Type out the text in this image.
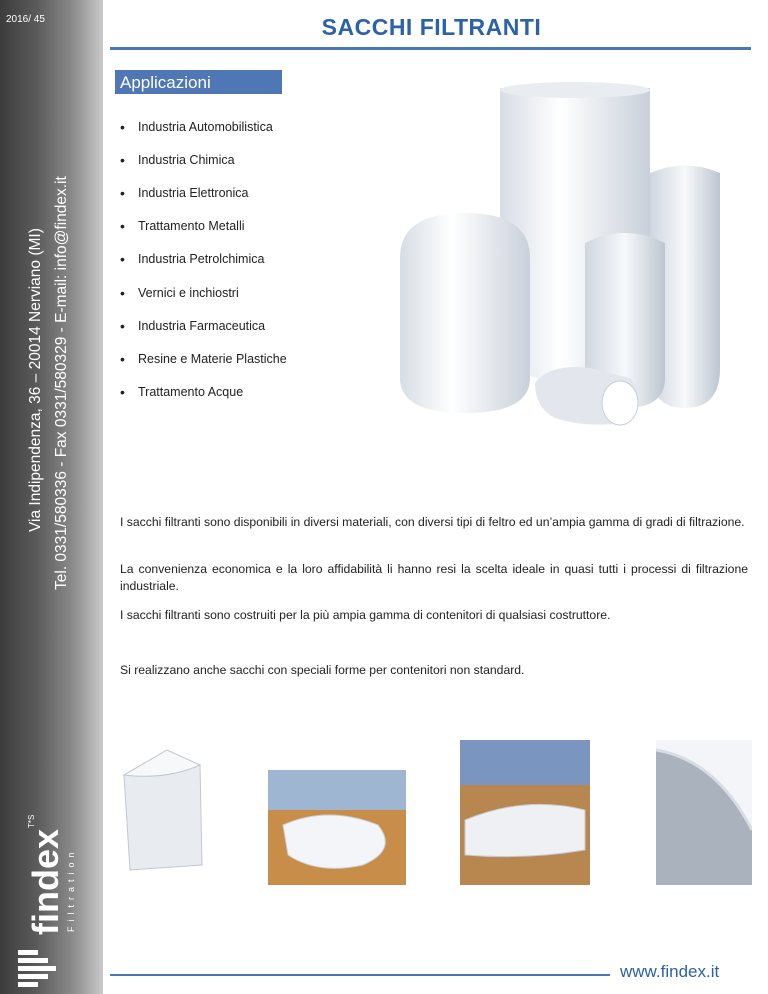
2016/ 45
Via Indipendenza, 36 – 20014 Nerviano (MI) Tel. 0331/580336 - Fax 0331/580329 - E-mail: info@findex.it
findex Filtration
T*S
SACCHI FILTRANTI
Applicazioni
•	Industria Automobilistica
•	Industria Chimica
•	Industria Elettronica
•	Trattamento Metalli
•	Industria Petrolchimica
•	Vernici e inchiostri
•	Industria Farmaceutica
•	Resine e Materie Plastiche
•	Trattamento Acque

I sacchi filtranti sono disponibili in diversi materiali, con diversi tipi di feltro ed un’ampia gamma di gradi di filtrazione.

La convenienza economica e la loro affidabilità li hanno resi la scelta ideale in quasi tutti i processi di filtrazione industriale.

I sacchi filtranti sono costruiti per la più ampia gamma di contenitori di qualsiasi costruttore.

Si realizzano anche sacchi con speciali forme per contenitori non standard.

www.findex.it
